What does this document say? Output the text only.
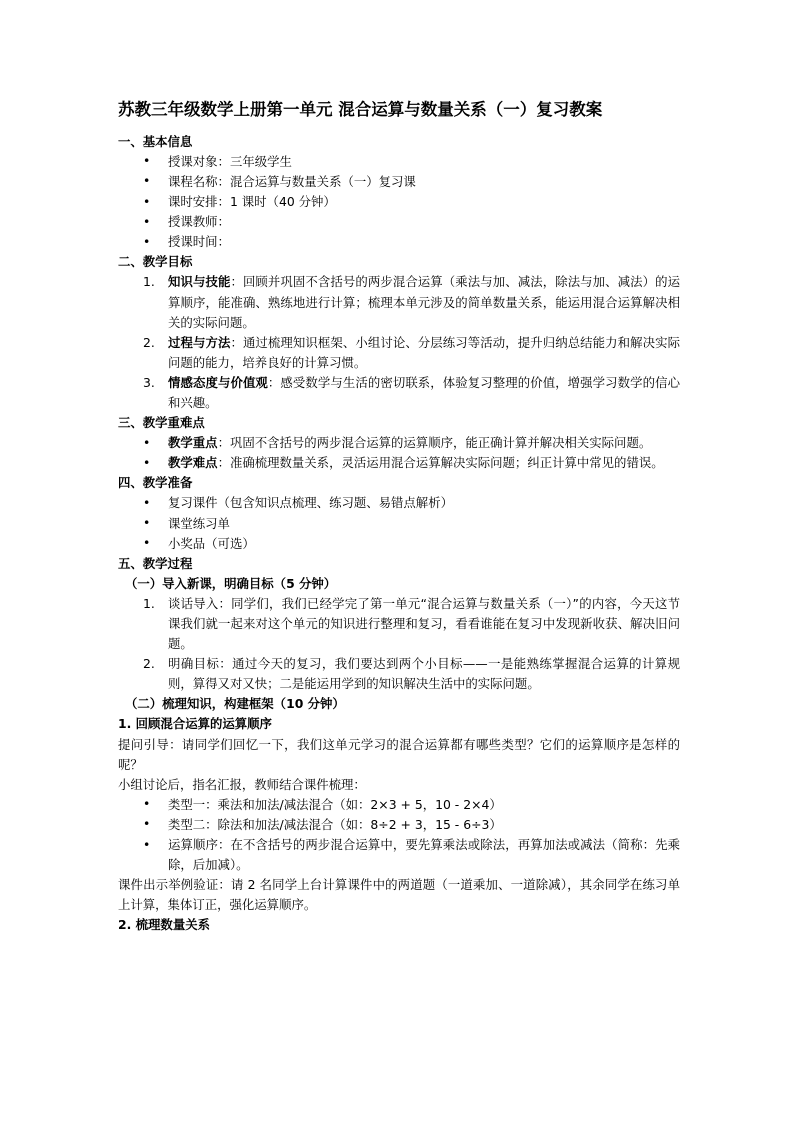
苏教三年级数学上册第一单元 混合运算与数量关系（一）复习教案
一、基本信息
• 授课对象：三年级学生
• 课程名称：混合运算与数量关系（一）复习课
• 课时安排：1 课时（40 分钟）
• 授课教师：
• 授课时间：
二、教学目标
知识与技能：回顾并巩固不含括号的两步混合运算（乘法与加、减法，除法与加、减法）的运算顺序，能准确、熟练地进行计算；梳理本单元涉及的简单数量关系，能运用混合运算解决相关的实际问题。
过程与方法：通过梳理知识框架、小组讨论、分层练习等活动，提升归纳总结能力和解决实际问题的能力，培养良好的计算习惯。
情感态度与价值观：感受数学与生活的密切联系，体验复习整理的价值，增强学习数学的信心和兴趣。
三、教学重难点
• 教学重点：巩固不含括号的两步混合运算的运算顺序，能正确计算并解决相关实际问题。
• 教学难点：准确梳理数量关系，灵活运用混合运算解决实际问题；纠正计算中常见的错误。
四、教学准备
• 复习课件（包含知识点梳理、练习题、易错点解析）
• 课堂练习单
• 小奖品（可选）
五、教学过程
（一）导入新课，明确目标（5 分钟）
谈话导入：同学们，我们已经学完了第一单元“混合运算与数量关系（一）”的内容，今天这节课我们就一起来对这个单元的知识进行整理和复习，看看谁能在复习中发现新收获、解决旧问题。
明确目标：通过今天的复习，我们要达到两个小目标——一是能熟练掌握混合运算的计算规则，算得又对又快；二是能运用学到的知识解决生活中的实际问题。
（二）梳理知识，构建框架（10 分钟）
1. 回顾混合运算的运算顺序

提问引导：请同学们回忆一下，我们这单元学习的混合运算都有哪些类型？它们的运算顺序是怎样的呢？

小组讨论后，指名汇报，教师结合课件梳理：

• 类型一：乘法和加法/减法混合（如：2×3 + 5，10 - 2×4）
• 类型二：除法和加法/减法混合（如：8÷2 + 3，15 - 6÷3）
• 运算顺序：在不含括号的两步混合运算中，要先算乘法或除法，再算加法或减法（简称：先乘除，后加减）。

课件出示举例验证：请 2 名同学上台计算课件中的两道题（一道乘加、一道除减），其余同学在练习单上计算，集体订正，强化运算顺序。

2. 梳理数量关系
